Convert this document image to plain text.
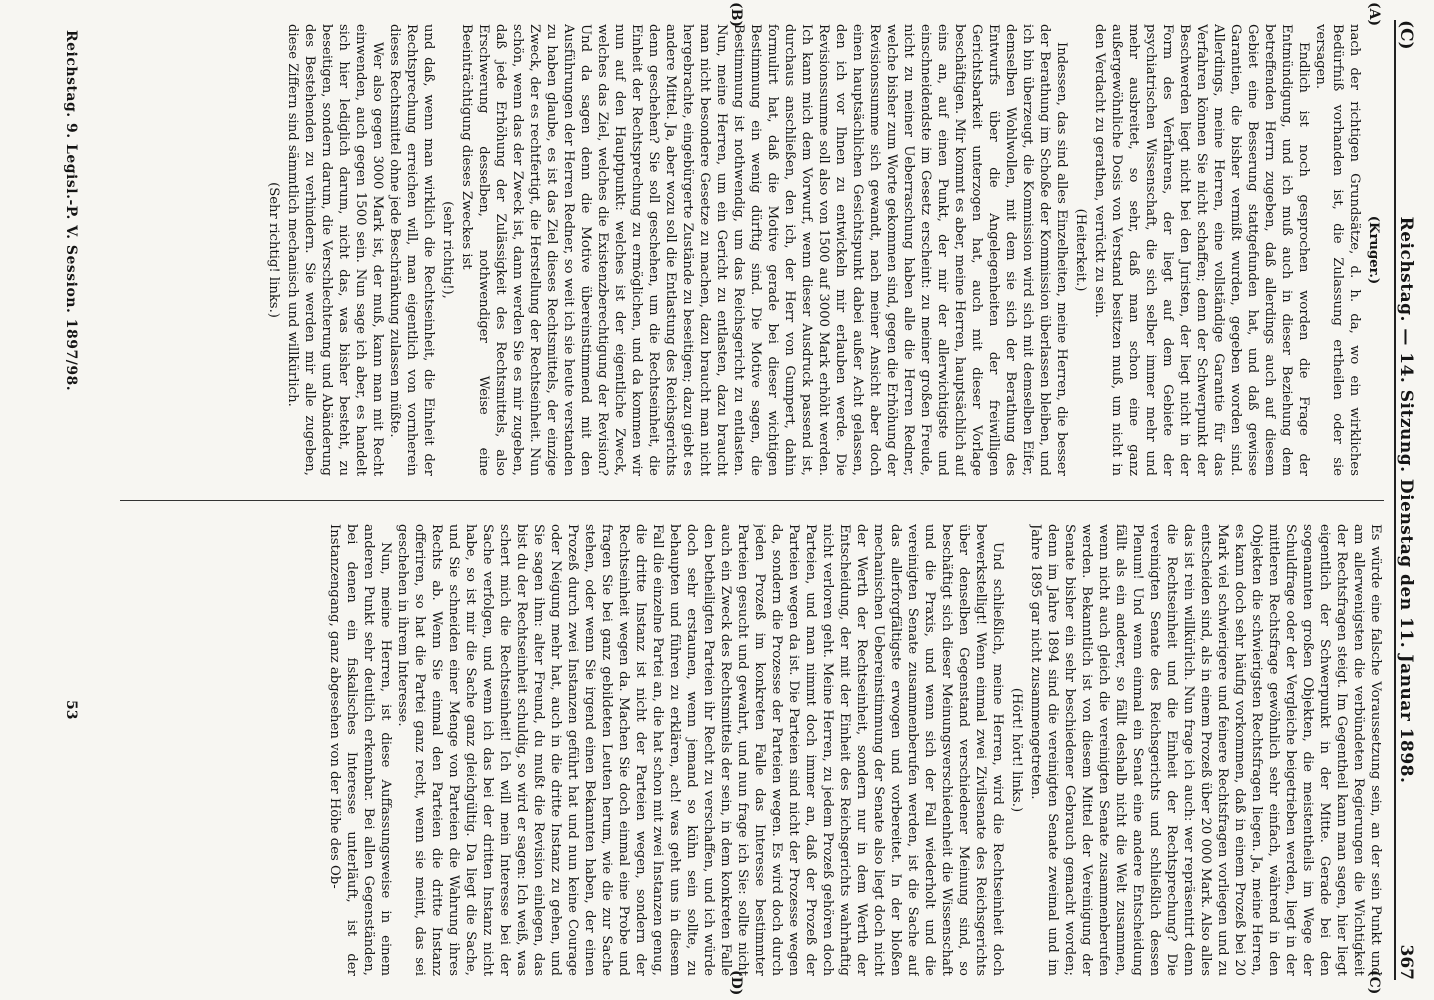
(C)
Reichstag. — 14. Sitzung. Dienstag den 11. Januar 1898.
367

(Kruger.)

nach der richtigen Grundsätze, d. h. da, wo ein wirkliches Bedürfniß vorhanden ist, die Zulassung ertheilen oder sie versagen.

Endlich ist noch gesprochen worden die Frage der Entmündigung, und ich muß auch in dieser Beziehung dem betreffenden Herrn zugeben, daß allerdings auch auf diesem Gebiet eine Besserung stattgefunden hat, und daß gewisse Garantien, die bisher vermißt wurden, gegeben worden sind. Allerdings, meine Herren, eine vollständige Garantie für das Verfahren können Sie nicht schaffen; denn der Schwerpunkt der Beschwerden liegt nicht bei den Juristen, der liegt nicht in der Form des Verfahrens, der liegt auf dem Gebiete der psychiatrischen Wissenschaft, die sich selber immer mehr und mehr ausbreitet, so sehr, daß man schon eine ganz außergewöhnliche Dosis von Verstand besitzen muß, um nicht in den Verdacht zu gerathen, verrückt zu sein.

(Heiterkeit.)

Indessen, das sind alles Einzelheiten, meine Herren, die besser der Berathung im Schoße der Kommission überlassen bleiben, und ich bin überzeugt, die Kommission wird sich mit demselben Eifer, demselben Wohlwollen, mit dem sie sich der Berathung des Entwurfs über die Angelegenheiten der freiwilligen Gerichtsbarkeit unterzogen hat, auch mit dieser Vorlage beschäftigen. Mir kommt es aber, meine Herren, hauptsächlich auf eins an, auf einen Punkt, der mir der allerwichtigste und einschneidendste im Gesetz erscheint: zu meiner großen Freude, nicht zu meiner Ueberraschung haben alle die Herren Redner, welche bisher zum Worte gekommen sind, gegen die Erhöhung der Revisionssumme sich gewandt, nach meiner Ansicht aber doch einen hauptsächlichen Gesichtspunkt dabei außer Acht gelassen, den ich vor Ihnen zu entwickeln mir erlauben werde. Die Revisionssumme soll also von 1500 auf 3000 Mark erhöht werden. Ich kann mich dem Vorwurf, wenn dieser Ausdruck passend ist, durchaus anschließen, den ich, der Herr von Gumpert, dahin formulirt hat, daß die Motive gerade bei dieser wichtigen Bestimmung ein wenig dürftig sind. Die Motive sagen, die Bestimmung ist nothwendig, um das Reichsgericht zu entlasten. Nun, meine Herren, um ein Gericht zu entlasten, dazu braucht man nicht besondere Gesetze zu machen, dazu braucht man nicht hergebrachte, eingebürgerte Zustände zu beseitigen; dazu giebt es andere Mittel. Ja, aber wozu soll die Entlastung des Reichsgerichts denn geschehen? Sie soll geschehen, um die Rechtseinheit, die Einheit der Rechtsprechung zu ermöglichen, und da kommen wir nun auf den Hauptpunkt: welches ist der eigentliche Zweck, welches das Ziel, welches die Existenzberechtigung der Revision? Und da sagen denn die Motive übereinstimmend mit den Ausführungen der Herren Redner, so weit ich sie heute verstanden zu haben glaube, es ist das Ziel dieses Rechtsmittels, der einzige Zweck, der es rechtfertigt, die Herstellung der Rechtseinheit. Nun schön, wenn das der Zweck ist, dann werden Sie es mir zugeben, daß jede Erhöhung der Zulässigkeit des Rechtsmittels, also Erschwerung desselben, nothwendiger Weise eine Beeinträchtigung dieses Zweckes ist

(sehr richtig!),

und daß, wenn man wirklich die Rechtseinheit, die Einheit der Rechtsprechung erreichen will, man eigentlich von vornherein dieses Rechtsmittel ohne jede Beschränkung zulassen müßte.

Wer also gegen 3000 Mark ist, der muß, kann man mit Recht einwenden, auch gegen 1500 sein. Nun sage ich aber, es handelt sich hier lediglich darum, nicht das, was bisher besteht, zu beseitigen, sondern darum, die Verschlechterung und Abänderung des Bestehenden zu verhindern. Sie werden mir alle zugeben, diese Ziffern sind sämmtlich mechanisch und willkürlich.

(Sehr richtig! links.)

Es würde eine falsche Voraussetzung sein, an der sein Punkt und am allerwenigsten die verbündeten Regierungen die Wichtigkeit der Rechtsfragen steigt. Im Gegentheil kann man sagen, hier liegt eigentlich der Schwerpunkt in der Mitte. Gerade bei den sogenannten großen Objekten, die meistentheils im Wege der Schuldfrage oder der Vergleiche beigetrieben werden, liegt in der mittleren Rechtsfrage gewöhnlich sehr einfach, während in den Objekten die schwierigsten Rechtsfragen liegen. Ja, meine Herren, es kann doch sehr häufig vorkommen, daß in einem Prozeß bei 20 Mark viel schwierigere und feinere Rechtsfragen vorliegen und zu entscheiden sind, als in einem Prozeß über 20 000 Mark. Also alles das ist rein willkürlich. Nun frage ich auch: wer repräsentirt denn die Rechtseinheit und die Einheit der Rechtsprechung? Die vereinigten Senate des Reichsgerichts und schließlich dessen Plenum! Und wenn einmal ein Senat eine andere Entscheidung fällt als ein anderer, so fällt deshalb nicht die Welt zusammen, wenn nicht auch gleich die vereinigten Senate zusammenberufen werden. Bekanntlich ist von diesem Mittel der Vereinigung der Senate bisher ein sehr beschiedener Gebrauch gemacht worden; denn im Jahre 1894 sind die vereinigten Senate zweimal und im Jahre 1895 gar nicht zusammengetreten.

(Hört! hört! links.)

Und schließlich, meine Herren, wird die Rechtseinheit doch bewerkstelligt! Wenn einmal zwei Zivilsenate des Reichsgerichts über denselben Gegenstand verschiedener Meinung sind, so beschäftigt sich dieser Meinungsverschiedenheit die Wissenschaft und die Praxis, und wenn sich der Fall wiederholt und die vereinigten Senate zusammenberufen werden, ist die Sache auf das allerforgfältigste erwogen und vorbereitet. In der bloßen mechanischen Uebereinstimmung der Senate also liegt doch nicht der Werth der Rechtseinheit, sondern nur in dem Werth der Entscheidung, der mit der Einheit des Reichsgerichts wahrhaftig nicht verloren geht. Meine Herren, zu jedem Prozeß gehören doch Parteien, und man nimmt doch immer an, daß der Prozeß der Parteien wegen da ist. Die Parteien sind nicht der Prozesse wegen da, sondern die Prozesse der Parteien wegen. Es wird doch durch jeden Prozeß im konkreten Falle das Interesse bestimmter Parteien gesucht und gewahrt, und nun frage ich Sie: sollte nicht auch ein Zweck des Rechtsmittels der sein, in dem konkreten Falle den betheiligten Parteien ihr Recht zu verschaffen, und ich würde doch sehr erstaunen, wenn jemand so kühn sein sollte, zu behaupten und führen zu erklären, ach! was geht uns in diesem Fall die einzelne Partei an, die hat schon mit zwei Instanzen genug, die dritte Instanz ist nicht der Parteien wegen, sondern der Rechtseinheit wegen da. Machen Sie doch einmal eine Probe und fragen Sie bei ganz gebildeten Leuten herum, wie die zur Sache stehen, oder wenn Sie irgend einen Bekannten haben, der einen Prozeß durch zwei Instanzen geführt hat und nun keine Courage oder Neigung mehr hat, auch in die dritte Instanz zu gehen, und Sie sagen ihm: alter Freund, du mußt die Revision einlegen, das bist du der Rechtseinheit schuldig, so wird er sagen: Ich weiß, was schert mich die Rechtseinheit! Ich will mein Interesse bei der Sache verfolgen, und wenn ich das bei der dritten Instanz nicht habe, so ist mir die Sache ganz gleichgültig. Da liegt die Sache, und Sie schneiden einer Menge von Parteien die Wahrung ihres Rechts ab. Wenn Sie einmal den Parteien die dritte Instanz offeriren, so hat die Partei ganz recht, wenn sie meint, das sei geschehen in ihrem Interesse.

Nun, meine Herren, ist diese Auffassungsweise in einem anderen Punkt sehr deutlich erkennbar. Bei allen Gegenständen, bei denen ein fiskalisches Interesse unterläuft, ist der Instanzengang, ganz abgesehen von der Höhe des Ob-

(A)
(B)
(C)
(D)
Reichstag. 9. Legisl.-P. V. Session. 1897/98.
53
